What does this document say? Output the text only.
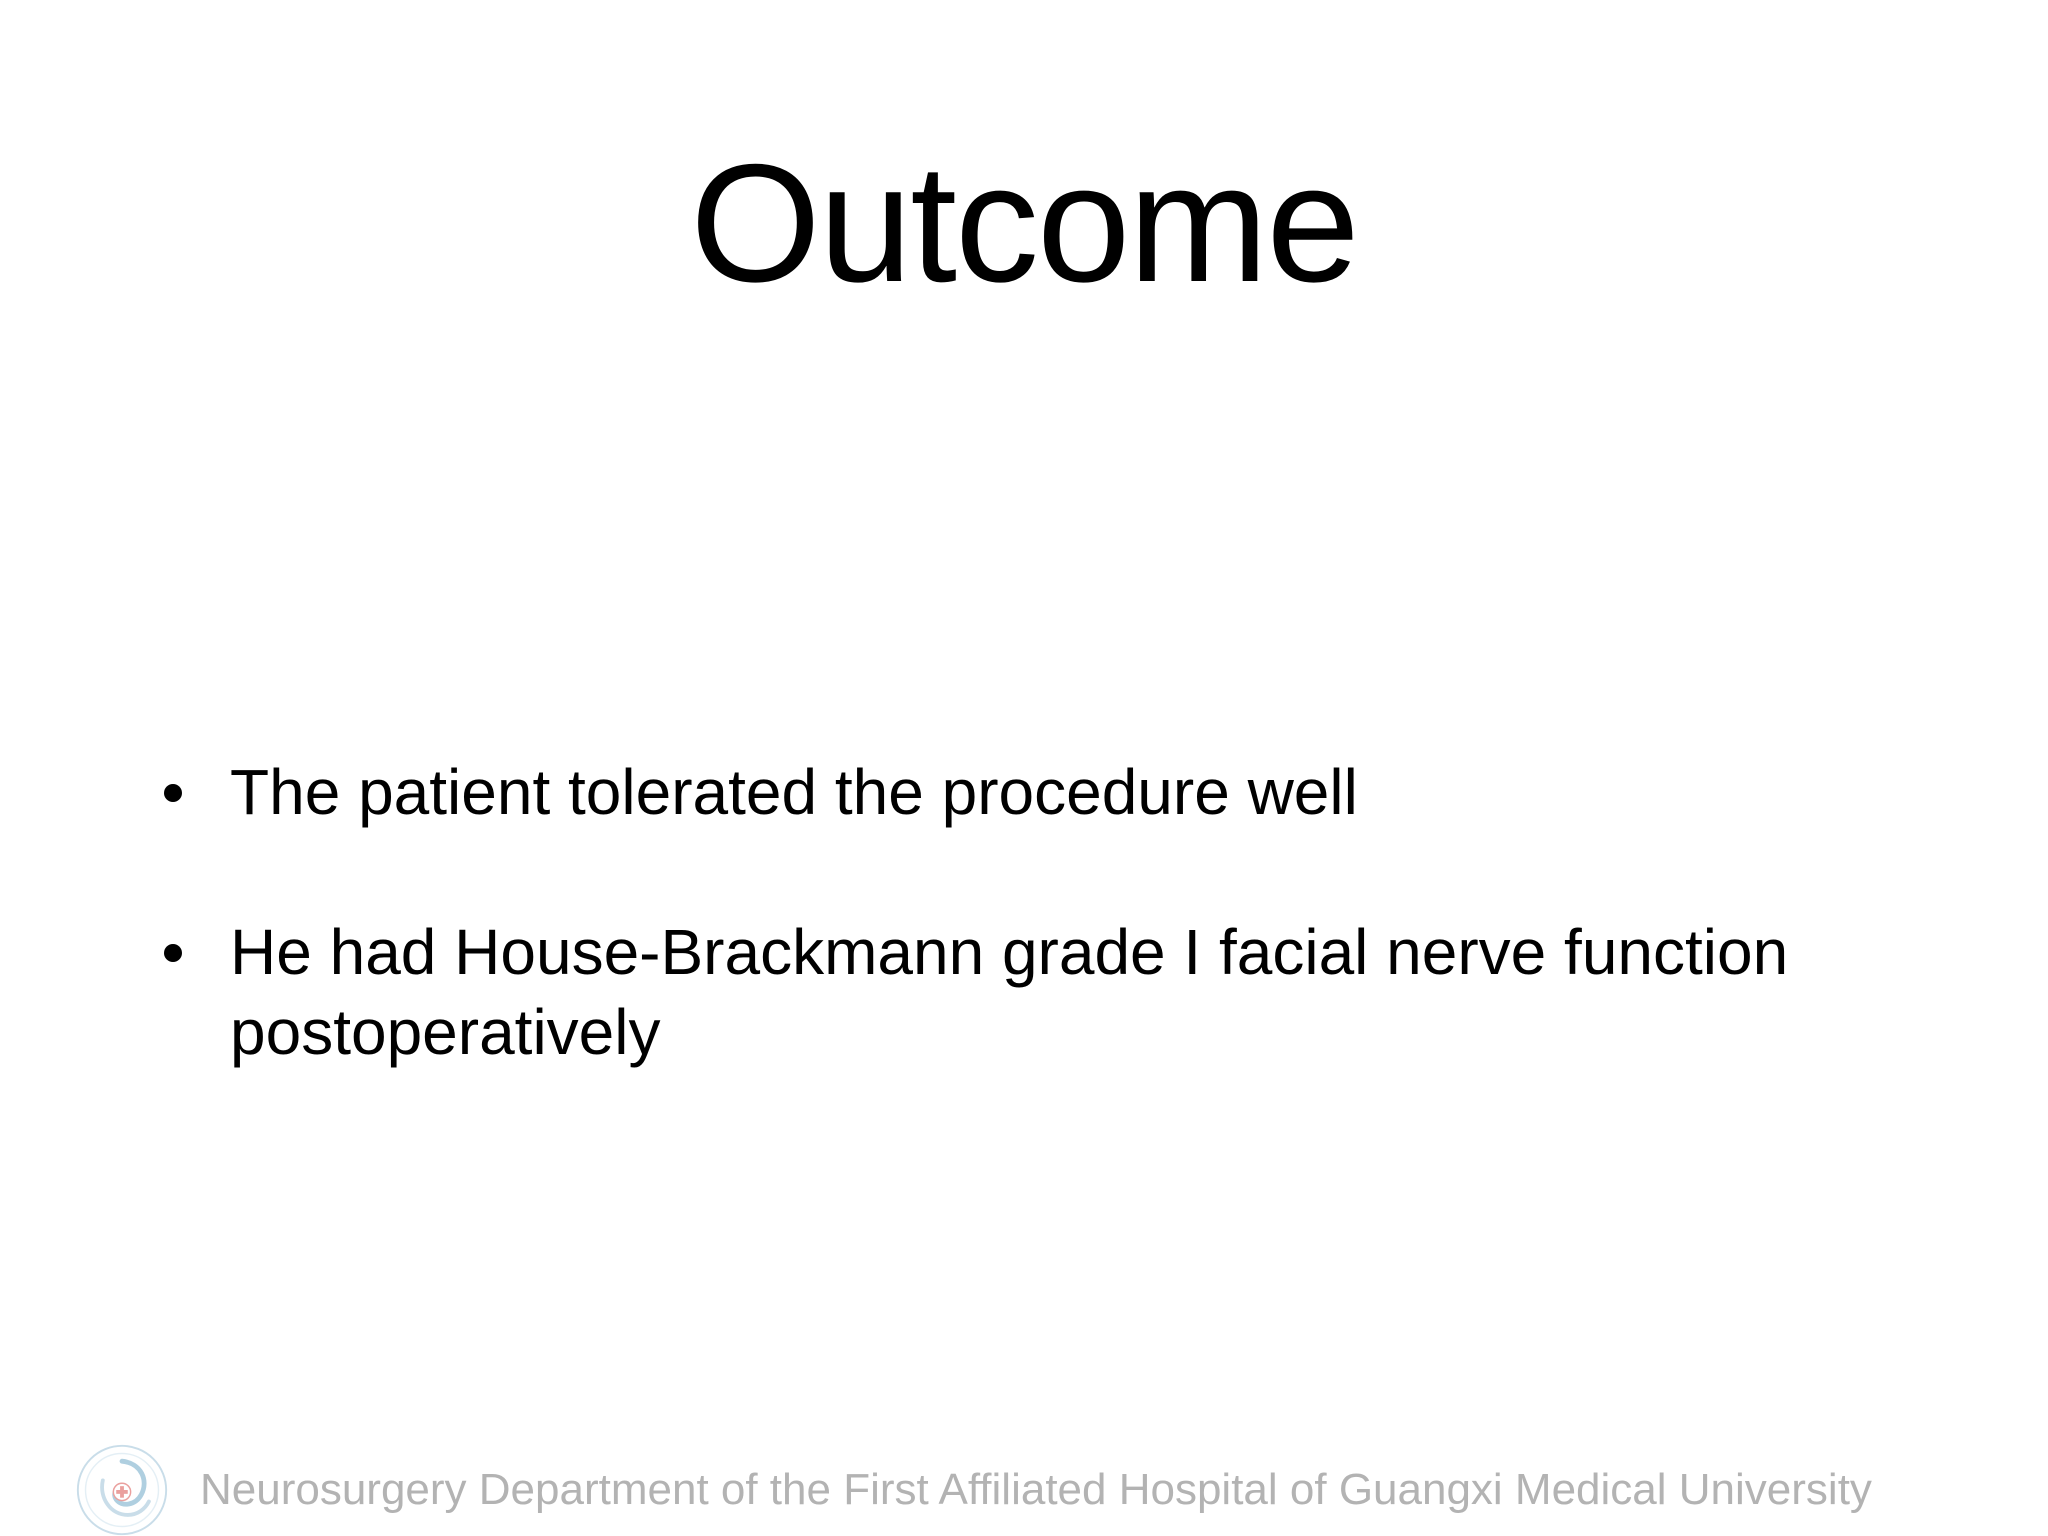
Outcome
The patient tolerated the procedure well
He had House-Brackmann grade I facial nerve function postoperatively
Neurosurgery Department of the First Affiliated Hospital of Guangxi Medical University
